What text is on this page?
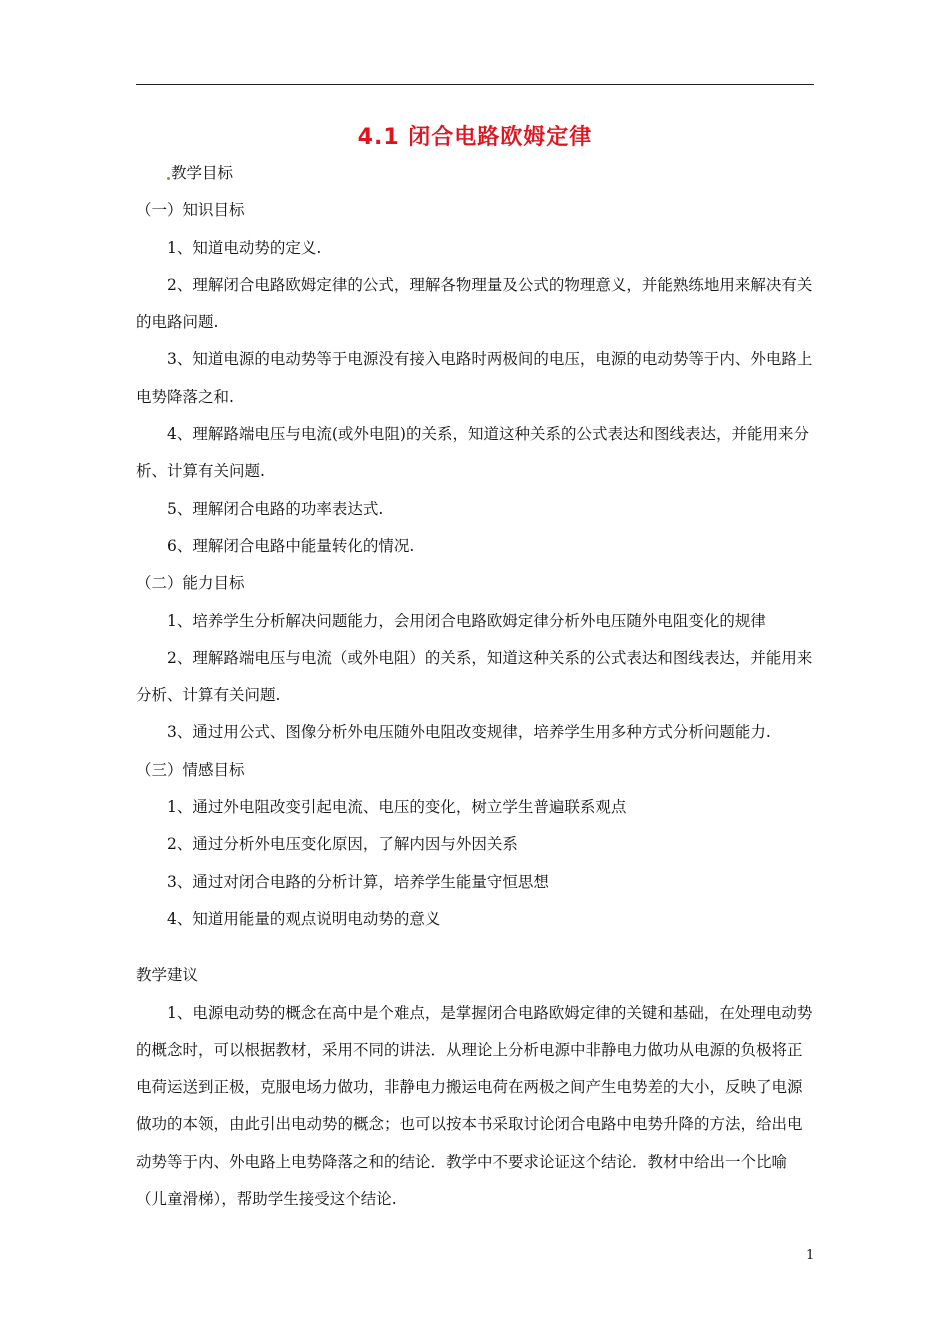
4.1 闭合电路欧姆定律

教学目标

（一）知识目标

1、知道电动势的定义.

2、理解闭合电路欧姆定律的公式，理解各物理量及公式的物理意义，并能熟练地用来解决有关的电路问题.

3、知道电源的电动势等于电源没有接入电路时两极间的电压，电源的电动势等于内、外电路上电势降落之和.

4、理解路端电压与电流(或外电阻)的关系，知道这种关系的公式表达和图线表达，并能用来分析、计算有关问题.

5、理解闭合电路的功率表达式.

6、理解闭合电路中能量转化的情况.

（二）能力目标

1、培养学生分析解决问题能力，会用闭合电路欧姆定律分析外电压随外电阻变化的规律

2、理解路端电压与电流（或外电阻）的关系，知道这种关系的公式表达和图线表达，并能用来分析、计算有关问题.

3、通过用公式、图像分析外电压随外电阻改变规律，培养学生用多种方式分析问题能力.

（三）情感目标

1、通过外电阻改变引起电流、电压的变化，树立学生普遍联系观点

2、通过分析外电压变化原因，了解内因与外因关系

3、通过对闭合电路的分析计算，培养学生能量守恒思想

4、知道用能量的观点说明电动势的意义

教学建议

1、电源电动势的概念在高中是个难点，是掌握闭合电路欧姆定律的关键和基础，在处理电动势的概念时，可以根据教材，采用不同的讲法．从理论上分析电源中非静电力做功从电源的负极将正电荷运送到正极，克服电场力做功，非静电力搬运电荷在两极之间产生电势差的大小，反映了电源做功的本领，由此引出电动势的概念；也可以按本书采取讨论闭合电路中电势升降的方法，给出电动势等于内、外电路上电势降落之和的结论．教学中不要求论证这个结论．教材中给出一个比喻（儿童滑梯），帮助学生接受这个结论.

1
